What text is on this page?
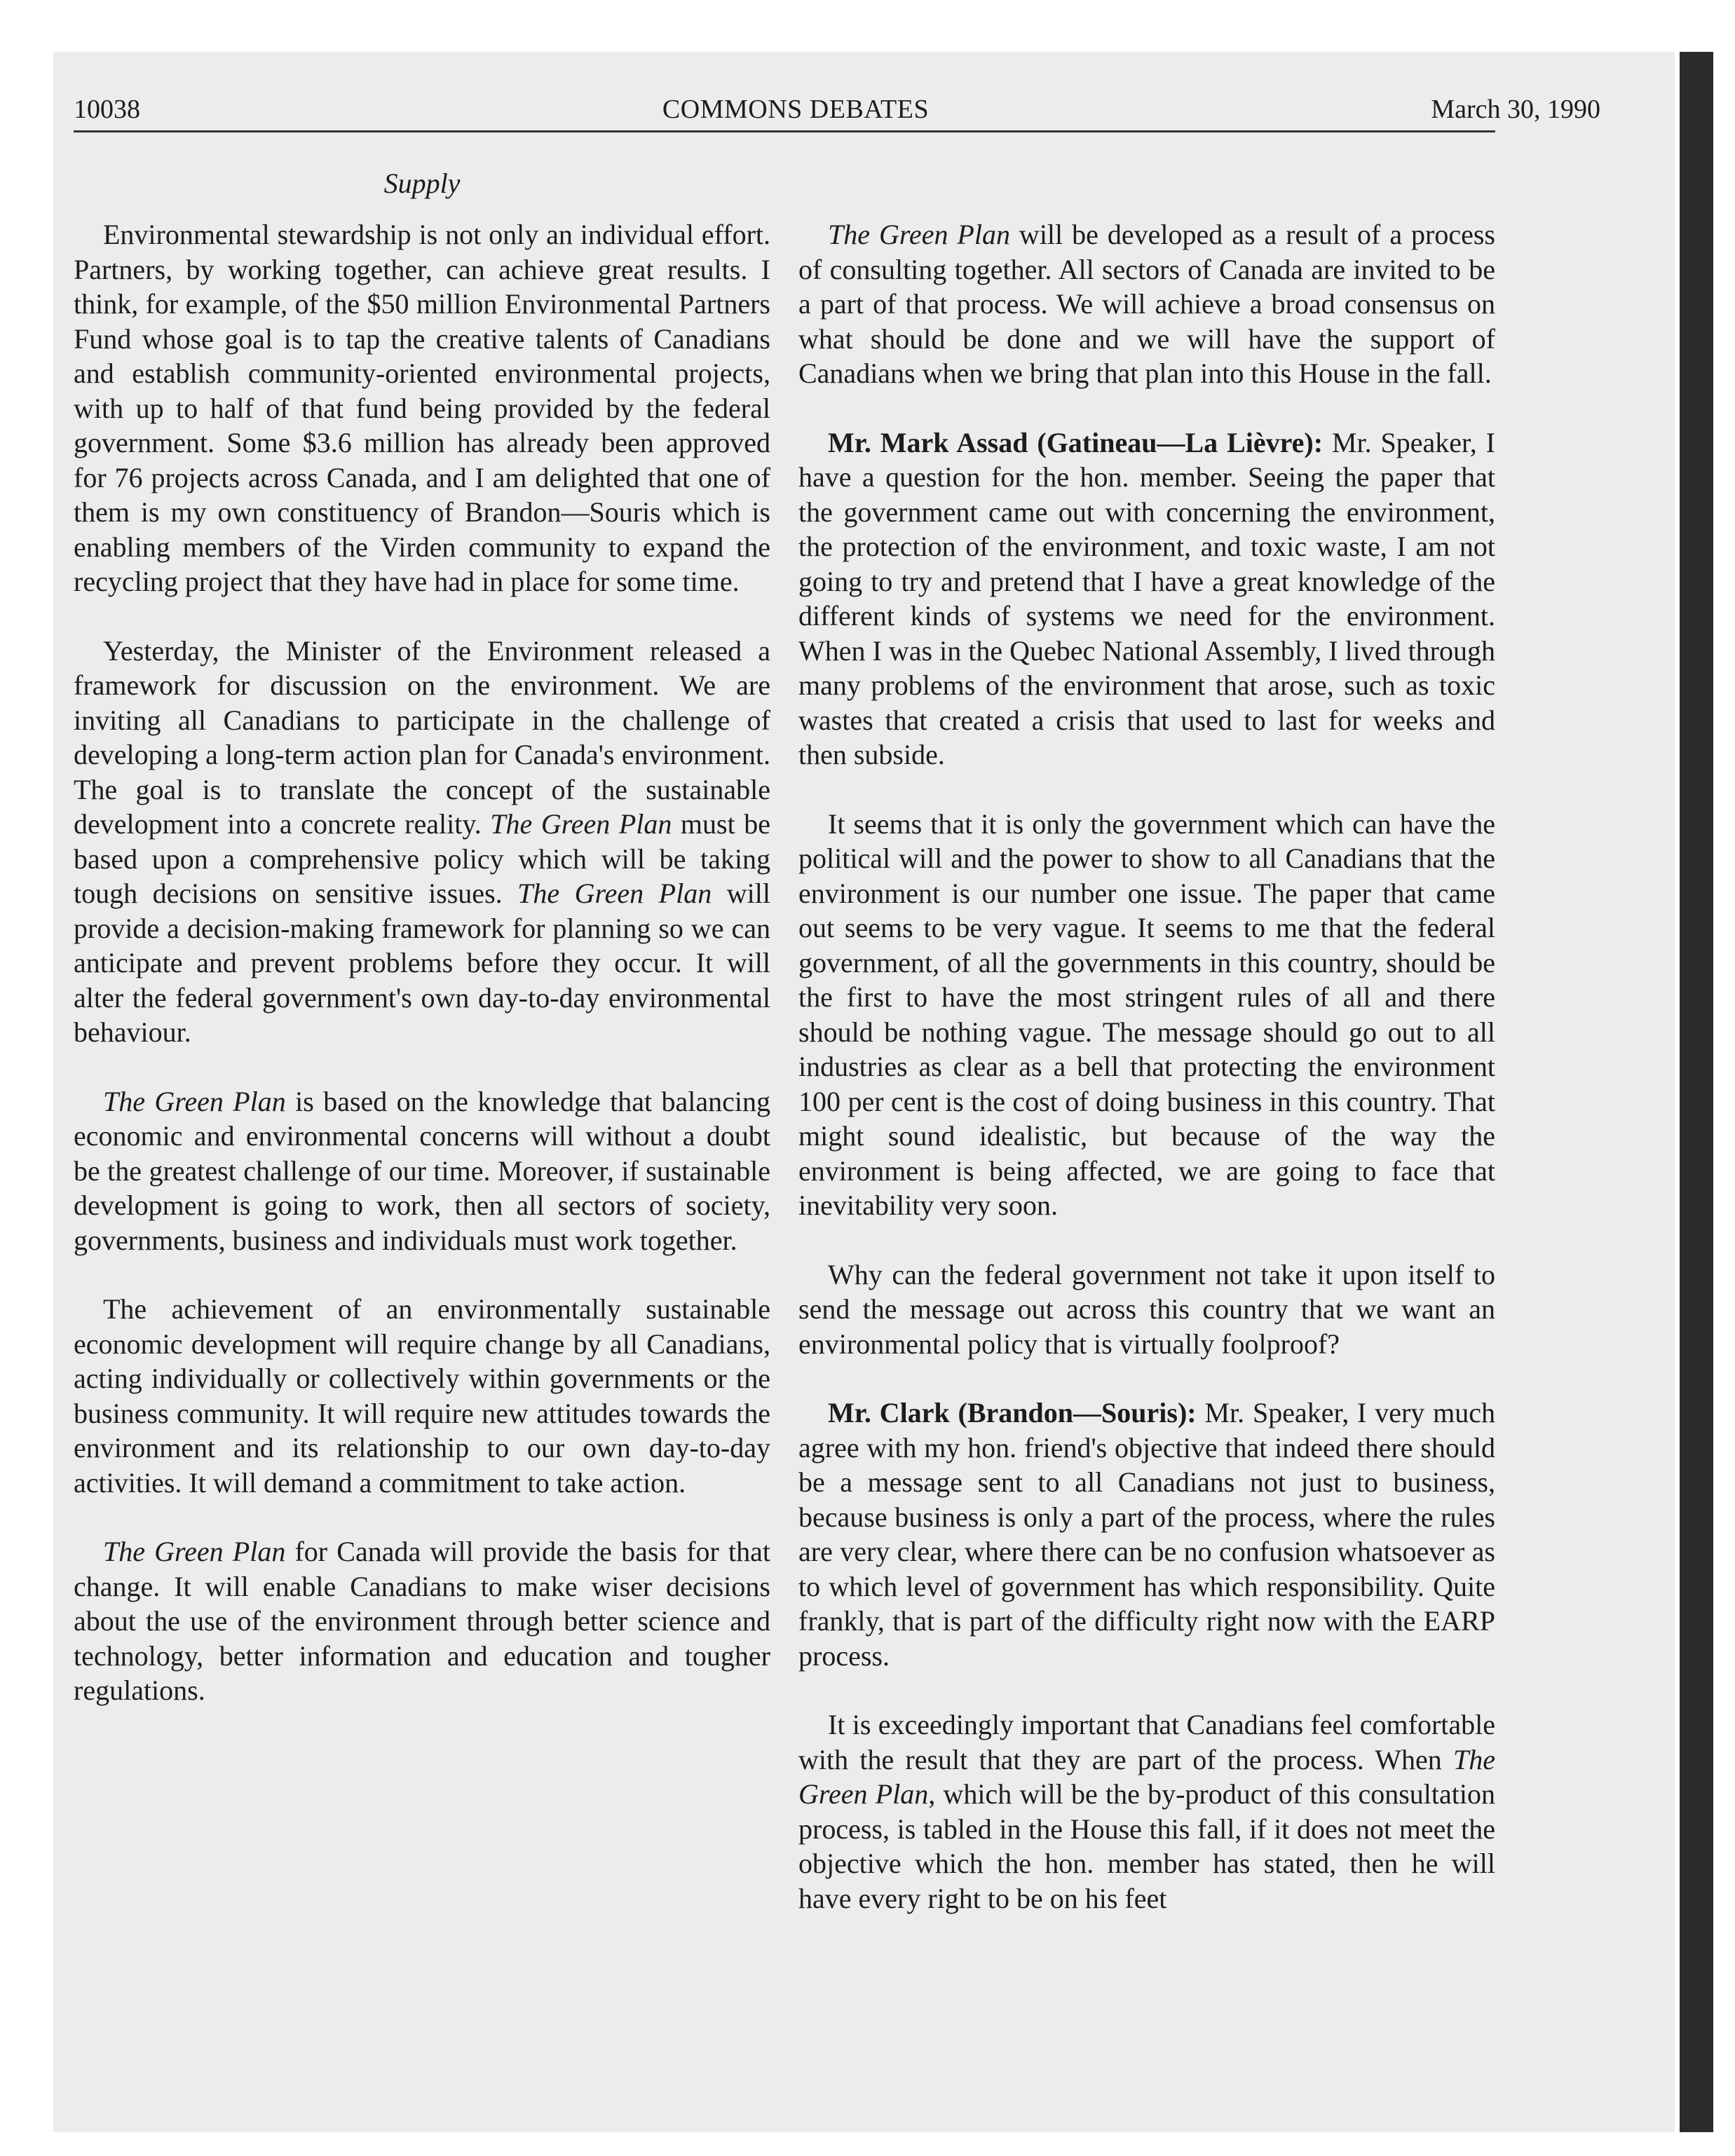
10038	COMMONS DEBATES	March 30, 1990
Supply

Environmental stewardship is not only an individual effort. Partners, by working together, can achieve great results. I think, for example, of the $50 million Environmental Partners Fund whose goal is to tap the creative talents of Canadians and establish community-oriented environmental projects, with up to half of that fund being provided by the federal government. Some $3.6 million has already been approved for 76 projects across Canada, and I am delighted that one of them is my own constituency of Brandon—Souris which is enabling members of the Virden community to expand the recycling project that they have had in place for some time.

Yesterday, the Minister of the Environment released a framework for discussion on the environment. We are inviting all Canadians to participate in the challenge of developing a long-term action plan for Canada's environment. The goal is to translate the concept of the sustainable development into a concrete reality. The Green Plan must be based upon a comprehensive policy which will be taking tough decisions on sensitive issues. The Green Plan will provide a decision-making framework for planning so we can anticipate and prevent problems before they occur. It will alter the federal government's own day-to-day environmental behaviour.

The Green Plan is based on the knowledge that balancing economic and environmental concerns will without a doubt be the greatest challenge of our time. Moreover, if sustainable development is going to work, then all sectors of society, governments, business and individuals must work together.

The achievement of an environmentally sustainable economic development will require change by all Canadians, acting individually or collectively within governments or the business community. It will require new attitudes towards the environment and its relationship to our own day-to-day activities. It will demand a commitment to take action.

The Green Plan for Canada will provide the basis for that change. It will enable Canadians to make wiser decisions about the use of the environment through better science and technology, better information and education and tougher regulations.

The Green Plan will be developed as a result of a process of consulting together. All sectors of Canada are invited to be a part of that process. We will achieve a broad consensus on what should be done and we will have the support of Canadians when we bring that plan into this House in the fall.

Mr. Mark Assad (Gatineau—La Lièvre): Mr. Speaker, I have a question for the hon. member. Seeing the paper that the government came out with concerning the environment, the protection of the environment, and toxic waste, I am not going to try and pretend that I have a great knowledge of the different kinds of systems we need for the environment. When I was in the Quebec National Assembly, I lived through many problems of the environment that arose, such as toxic wastes that created a crisis that used to last for weeks and then subside.

It seems that it is only the government which can have the political will and the power to show to all Canadians that the environment is our number one issue. The paper that came out seems to be very vague. It seems to me that the federal government, of all the governments in this country, should be the first to have the most stringent rules of all and there should be nothing vague. The message should go out to all industries as clear as a bell that protecting the environment 100 per cent is the cost of doing business in this country. That might sound idealistic, but because of the way the environment is being affected, we are going to face that inevitability very soon.

Why can the federal government not take it upon itself to send the message out across this country that we want an environmental policy that is virtually foolproof?

Mr. Clark (Brandon—Souris): Mr. Speaker, I very much agree with my hon. friend's objective that indeed there should be a message sent to all Canadians not just to business, because business is only a part of the process, where the rules are very clear, where there can be no confusion whatsoever as to which level of government has which responsibility. Quite frankly, that is part of the difficulty right now with the EARP process.

It is exceedingly important that Canadians feel comfortable with the result that they are part of the process. When The Green Plan, which will be the by-product of this consultation process, is tabled in the House this fall, if it does not meet the objective which the hon. member has stated, then he will have every right to be on his feet
